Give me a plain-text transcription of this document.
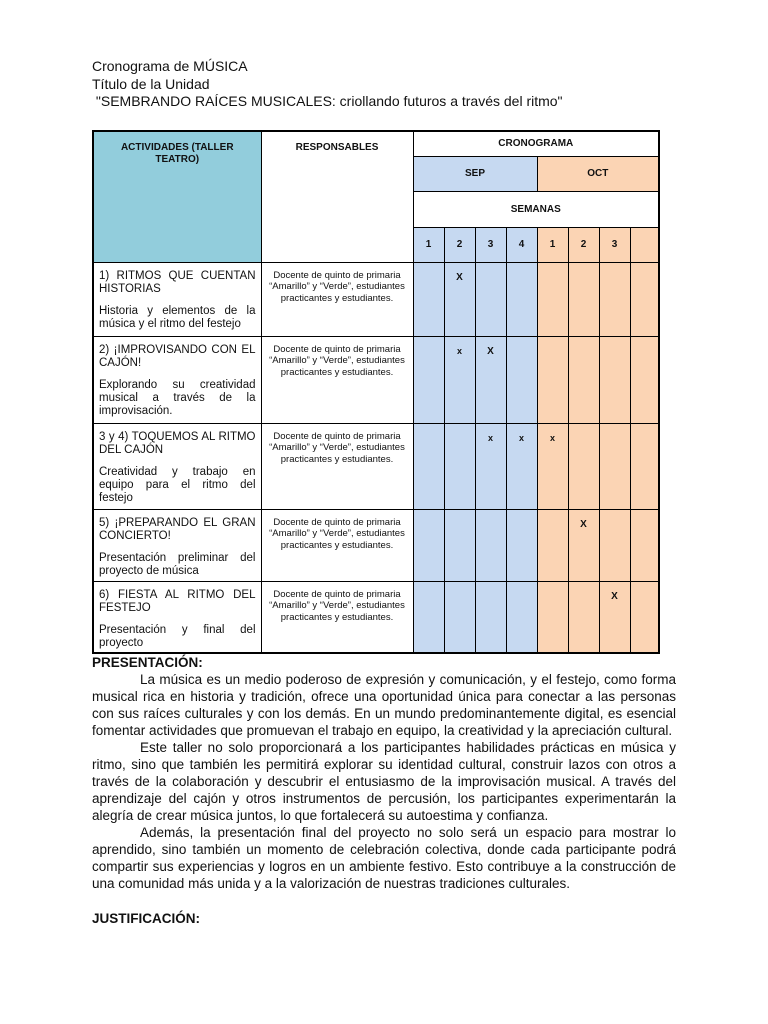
Cronograma de MÚSICA
Título de la Unidad
"SEMBRANDO RAÍCES MUSICALES: criollando futuros a través del ritmo"
ACTIVIDADES (TALLER TEATRO)	RESPONSABLES	CRONOGRAMA							
		SEP				OCT			
		SEMANAS							
		1	2	3	4	1	2	3	

1) RITMOS QUE CUENTAN HISTORIAS
Historia y elementos de la música y el ritmo del festejo	Docente de quinto de primaria “Amarillo” y “Verde”, estudiantes practicantes y estudiantes.		X						

2) ¡IMPROVISANDO CON EL CAJÓN!
Explorando su creatividad musical a través de la improvisación.	Docente de quinto de primaria “Amarillo” y “Verde”, estudiantes practicantes y estudiantes.		x	X					

3 y 4) TOQUEMOS AL RITMO DEL CAJÓN
Creatividad y trabajo en equipo para el ritmo del festejo	Docente de quinto de primaria “Amarillo” y “Verde”, estudiantes practicantes y estudiantes.			x	x	x			

5) ¡PREPARANDO EL GRAN CONCIERTO!
Presentación preliminar del proyecto de música	Docente de quinto de primaria “Amarillo” y “Verde”, estudiantes practicantes y estudiantes.						X		

6) FIESTA AL RITMO DEL FESTEJO
Presentación y final del proyecto	Docente de quinto de primaria “Amarillo” y “Verde”, estudiantes practicantes y estudiantes.							X	
PRESENTACIÓN:

La música es un medio poderoso de expresión y comunicación, y el festejo, como forma musical rica en historia y tradición, ofrece una oportunidad única para conectar a las personas con sus raíces culturales y con los demás. En un mundo predominantemente digital, es esencial fomentar actividades que promuevan el trabajo en equipo, la creatividad y la apreciación cultural.

Este taller no solo proporcionará a los participantes habilidades prácticas en música y ritmo, sino que también les permitirá explorar su identidad cultural, construir lazos con otros a través de la colaboración y descubrir el entusiasmo de la improvisación musical. A través del aprendizaje del cajón y otros instrumentos de percusión, los participantes experimentarán la alegría de crear música juntos, lo que fortalecerá su autoestima y confianza.

Además, la presentación final del proyecto no solo será un espacio para mostrar lo aprendido, sino también un momento de celebración colectiva, donde cada participante podrá compartir sus experiencias y logros en un ambiente festivo. Esto contribuye a la construcción de una comunidad más unida y a la valorización de nuestras tradiciones culturales.

JUSTIFICACIÓN:
